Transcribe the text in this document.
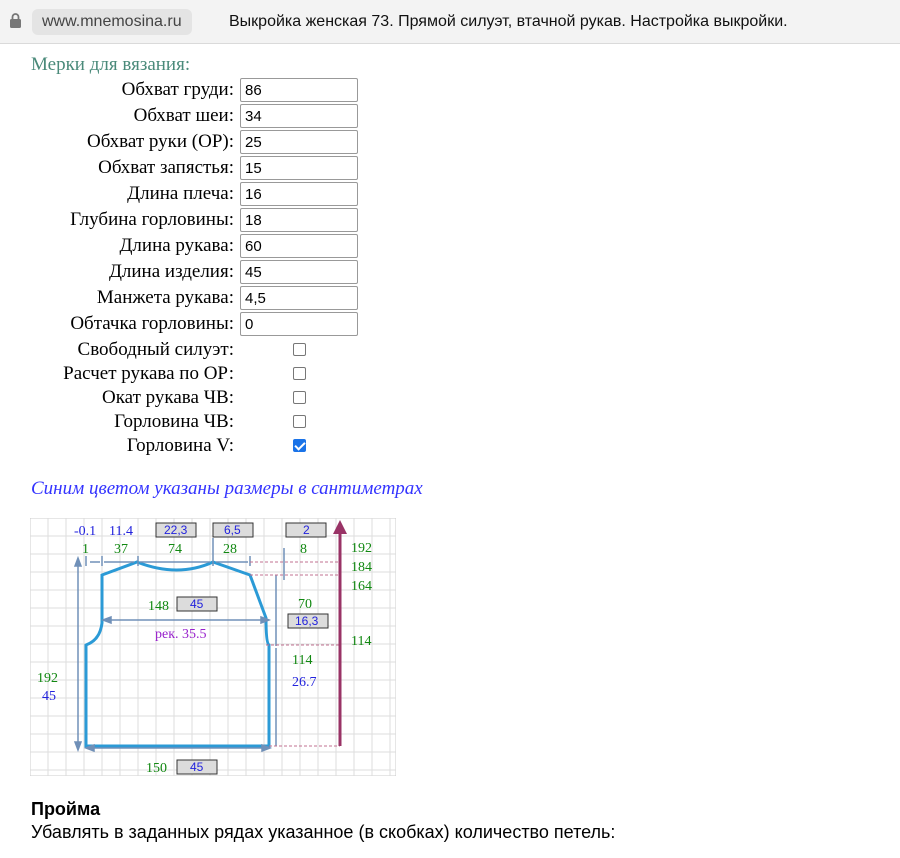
www.mnemosina.ru	Выкройка женская 73. Прямой силуэт, втачной рукав. Настройка выкройки.
Мерки для вязания:
Обхват груди:
86
Обхват шеи:
34
Обхват руки (ОР):
25
Обхват запястья:
15
Длина плеча:
16
Глубина горловины:
18
Длина рукава:
60
Длина изделия:
45
Манжета рукава:
4,5
Обтачка горловины:
0
Свободный силуэт:
Расчет рукава по ОР:
Окат рукава ЧВ:
Горловина ЧВ:
Горловина V:
Синим цветом указаны размеры в сантиметрах
-0.1 11.4	22,3	6,5	2
1 37	74	28	8	192
184
164
114
148 45
рек. 35.5
70
16,3
114
26.7
192
45
150 45
Пройма
Убавлять в заданных рядах указанное (в скобках) количество петель:
